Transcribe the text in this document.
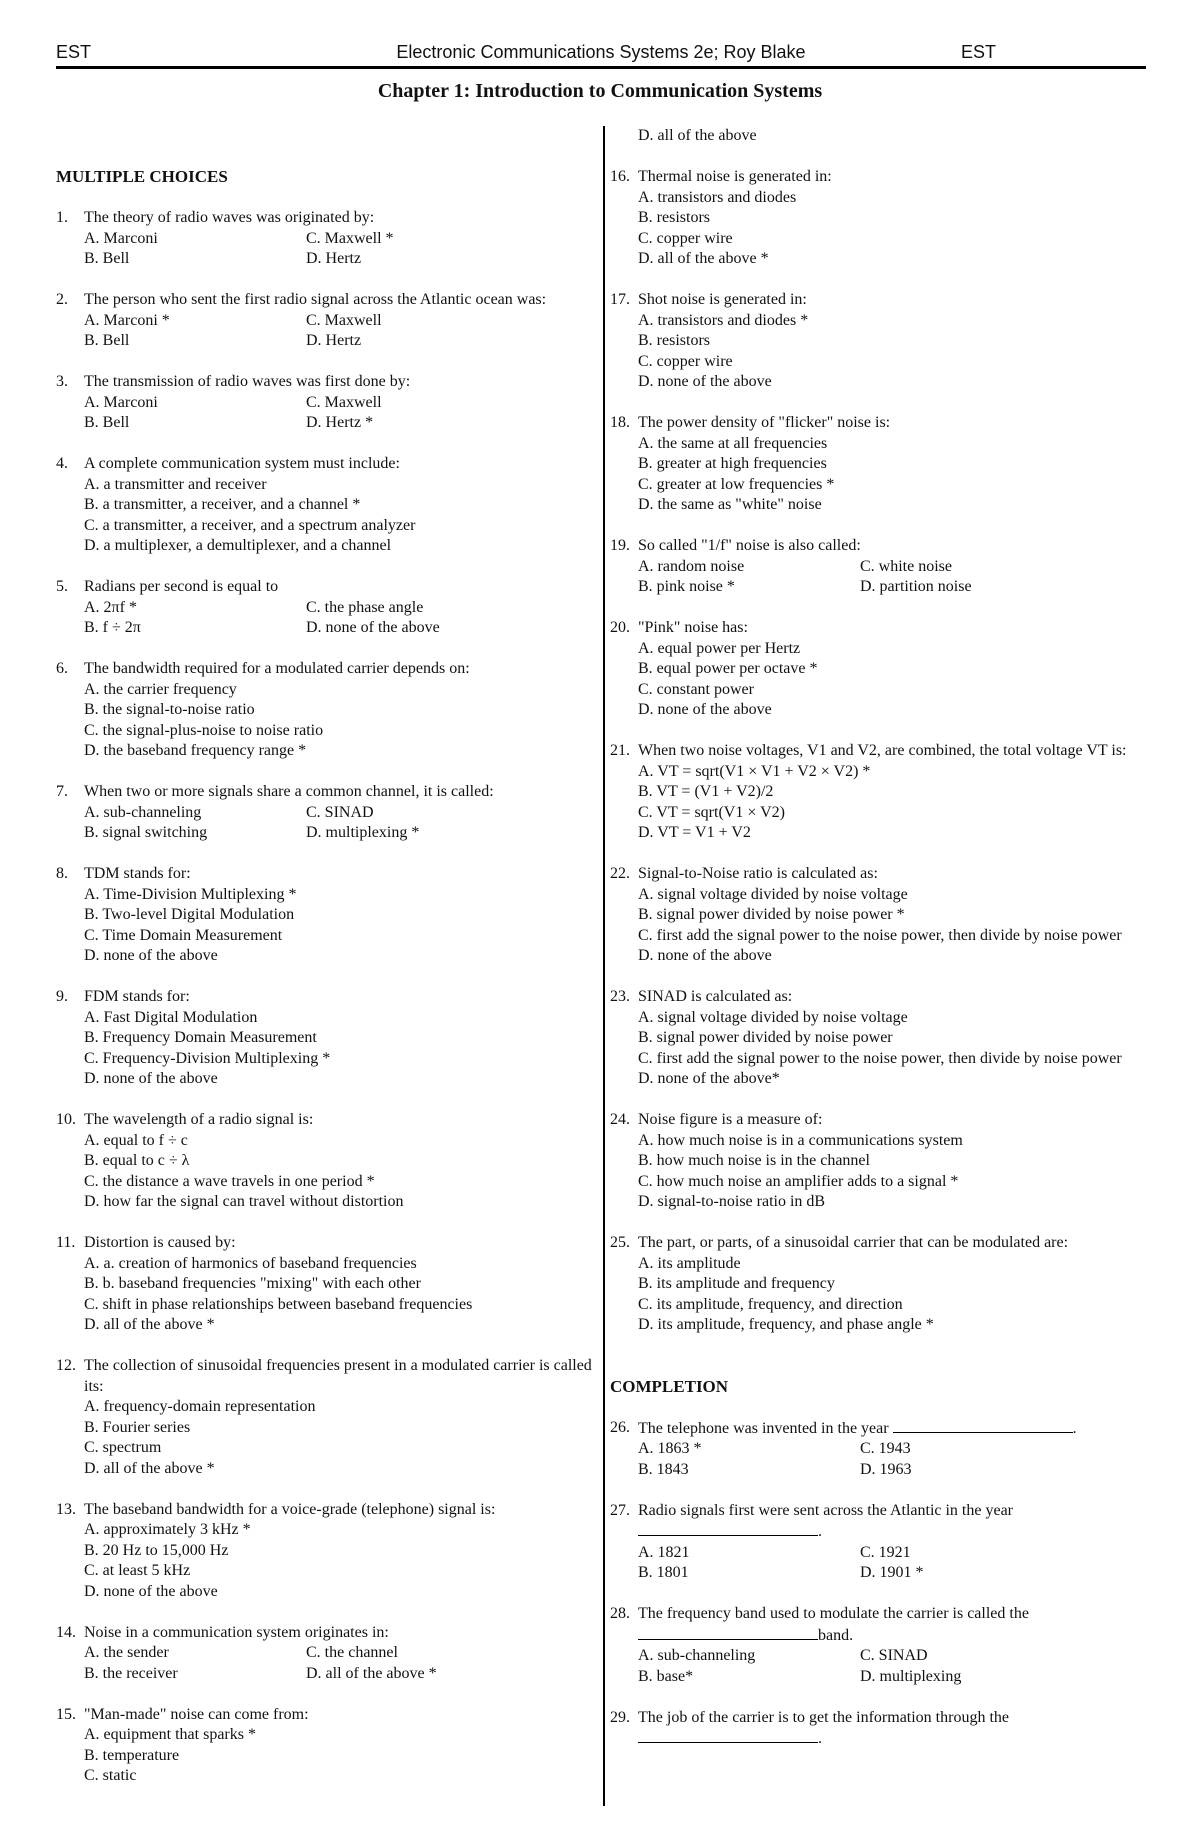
EST	Electronic Communications Systems 2e; Roy Blake	EST
Chapter 1: Introduction to Communication Systems

MULTIPLE CHOICES

1. The theory of radio waves was originated by:
A. Marconi	C. Maxwell *
B. Bell	D. Hertz
2. The person who sent the first radio signal across the Atlantic ocean was:
A. Marconi *	C. Maxwell
B. Bell	D. Hertz
3. The transmission of radio waves was first done by:
A. Marconi	C. Maxwell
B. Bell	D. Hertz *
4. A complete communication system must include:
A. a transmitter and receiver
B. a transmitter, a receiver, and a channel *
C. a transmitter, a receiver, and a spectrum analyzer
D. a multiplexer, a demultiplexer, and a channel
5. Radians per second is equal to
A. 2πf *	C. the phase angle
B. f ÷ 2π	D. none of the above
6. The bandwidth required for a modulated carrier depends on:
A. the carrier frequency
B. the signal-to-noise ratio
C. the signal-plus-noise to noise ratio
D. the baseband frequency range *
7. When two or more signals share a common channel, it is called:
A. sub-channeling	C. SINAD
B. signal switching	D. multiplexing *
8. TDM stands for:
A. Time-Division Multiplexing *
B. Two-level Digital Modulation
C. Time Domain Measurement
D. none of the above
9. FDM stands for:
A. Fast Digital Modulation
B. Frequency Domain Measurement
C. Frequency-Division Multiplexing *
D. none of the above
10. The wavelength of a radio signal is:
A. equal to f ÷ c
B. equal to c ÷ λ
C. the distance a wave travels in one period *
D. how far the signal can travel without distortion
11. Distortion is caused by:
A. a. creation of harmonics of baseband frequencies
B. b. baseband frequencies "mixing" with each other
C. shift in phase relationships between baseband frequencies
D. all of the above *
12. The collection of sinusoidal frequencies present in a modulated carrier is called its:
A. frequency-domain representation
B. Fourier series
C. spectrum
D. all of the above *
13. The baseband bandwidth for a voice-grade (telephone) signal is:
A. approximately 3 kHz *
B. 20 Hz to 15,000 Hz
C. at least 5 kHz
D. none of the above
14. Noise in a communication system originates in:
A. the sender	C. the channel
B. the receiver	D. all of the above *
15. "Man-made" noise can come from:
A. equipment that sparks *
B. temperature
C. static
D. all of the above
16. Thermal noise is generated in:
A. transistors and diodes
B. resistors
C. copper wire
D. all of the above *
17. Shot noise is generated in:
A. transistors and diodes *
B. resistors
C. copper wire
D. none of the above
18. The power density of "flicker" noise is:
A. the same at all frequencies
B. greater at high frequencies
C. greater at low frequencies *
D. the same as "white" noise
19. So called "1/f" noise is also called:
A. random noise	C. white noise
B. pink noise *	D. partition noise
20. "Pink" noise has:
A. equal power per Hertz
B. equal power per octave *
C. constant power
D. none of the above
21. When two noise voltages, V1 and V2, are combined, the total voltage VT is:
A. VT = sqrt(V1 × V1 + V2 × V2) *
B. VT = (V1 + V2)/2
C. VT = sqrt(V1 × V2)
D. VT = V1 + V2
22. Signal-to-Noise ratio is calculated as:
A. signal voltage divided by noise voltage
B. signal power divided by noise power *
C. first add the signal power to the noise power, then divide by noise power
D. none of the above
23. SINAD is calculated as:
A. signal voltage divided by noise voltage
B. signal power divided by noise power
C. first add the signal power to the noise power, then divide by noise power
D. none of the above*
24. Noise figure is a measure of:
A. how much noise is in a communications system
B. how much noise is in the channel
C. how much noise an amplifier adds to a signal *
D. signal-to-noise ratio in dB
25. The part, or parts, of a sinusoidal carrier that can be modulated are:
A. its amplitude
B. its amplitude and frequency
C. its amplitude, frequency, and direction
D. its amplitude, frequency, and phase angle *

COMPLETION

26. The telephone was invented in the year	.
A. 1863 *	C. 1943
B. 1843	D. 1963
27. Radio signals first were sent across the Atlantic in the year
.
A. 1821	C. 1921
B. 1801	D. 1901 *
28. The frequency band used to modulate the carrier is called the
band.
A. sub-channeling	C. SINAD
B. base*	D. multiplexing
29. The job of the carrier is to get the information through the
.
